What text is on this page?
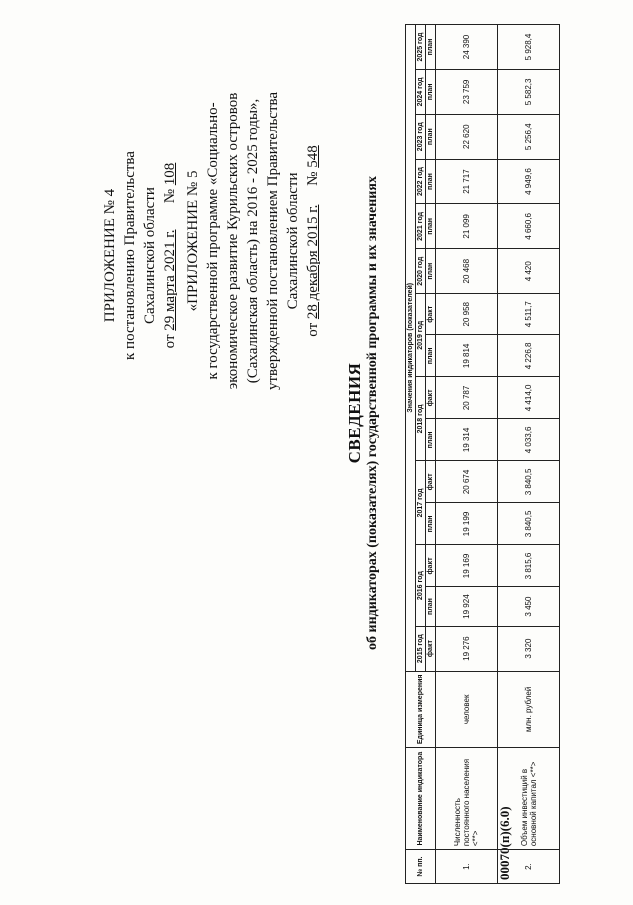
ПРИЛОЖЕНИЕ № 4 к постановлению Правительства Сахалинской области
от 29 марта 2021 г.       № 108 «ПРИЛОЖЕНИЕ № 5 к государственной программе «Социально- экономическое развитие Курильских островов (Сахалинская область) на 2016 - 2025 годы», утвержденной постановлением Правительства Сахалинской области
от 28 декабря 2015 г.     № 548
СВЕДЕНИЯ об индикаторах (показателях) государственной программы и их значениях
00070(п)(6.0)
№ пп.	Наименование индикатора	Единица измерения	Значения индикаторов (показателей)														
			2015 год	2016 год		2017 год		2018 год		2019 год		2020 год	2021 год	2022 год	2023 год	2024 год	2025 год
			факт	план	факт	план	факт	план	факт	план	факт	план	план	план	план	план	план
1.	Численность постоянного населения <**>	человек	19 276	19 924	19 169	19 199	20 674	19 314	20 787	19 814	20 958	20 468	21 099	21 717	22 620	23 759	24 390
2.	Объем инвестиций в основной капитал <**>	млн. рублей	3 320	3 450	3 815,6	3 840,5	3 840,5	4 033,6	4 414,0	4 226,8	4 511,7	4 420	4 660,6	4 949,6	5 256,4	5 582,3	5 928,4
